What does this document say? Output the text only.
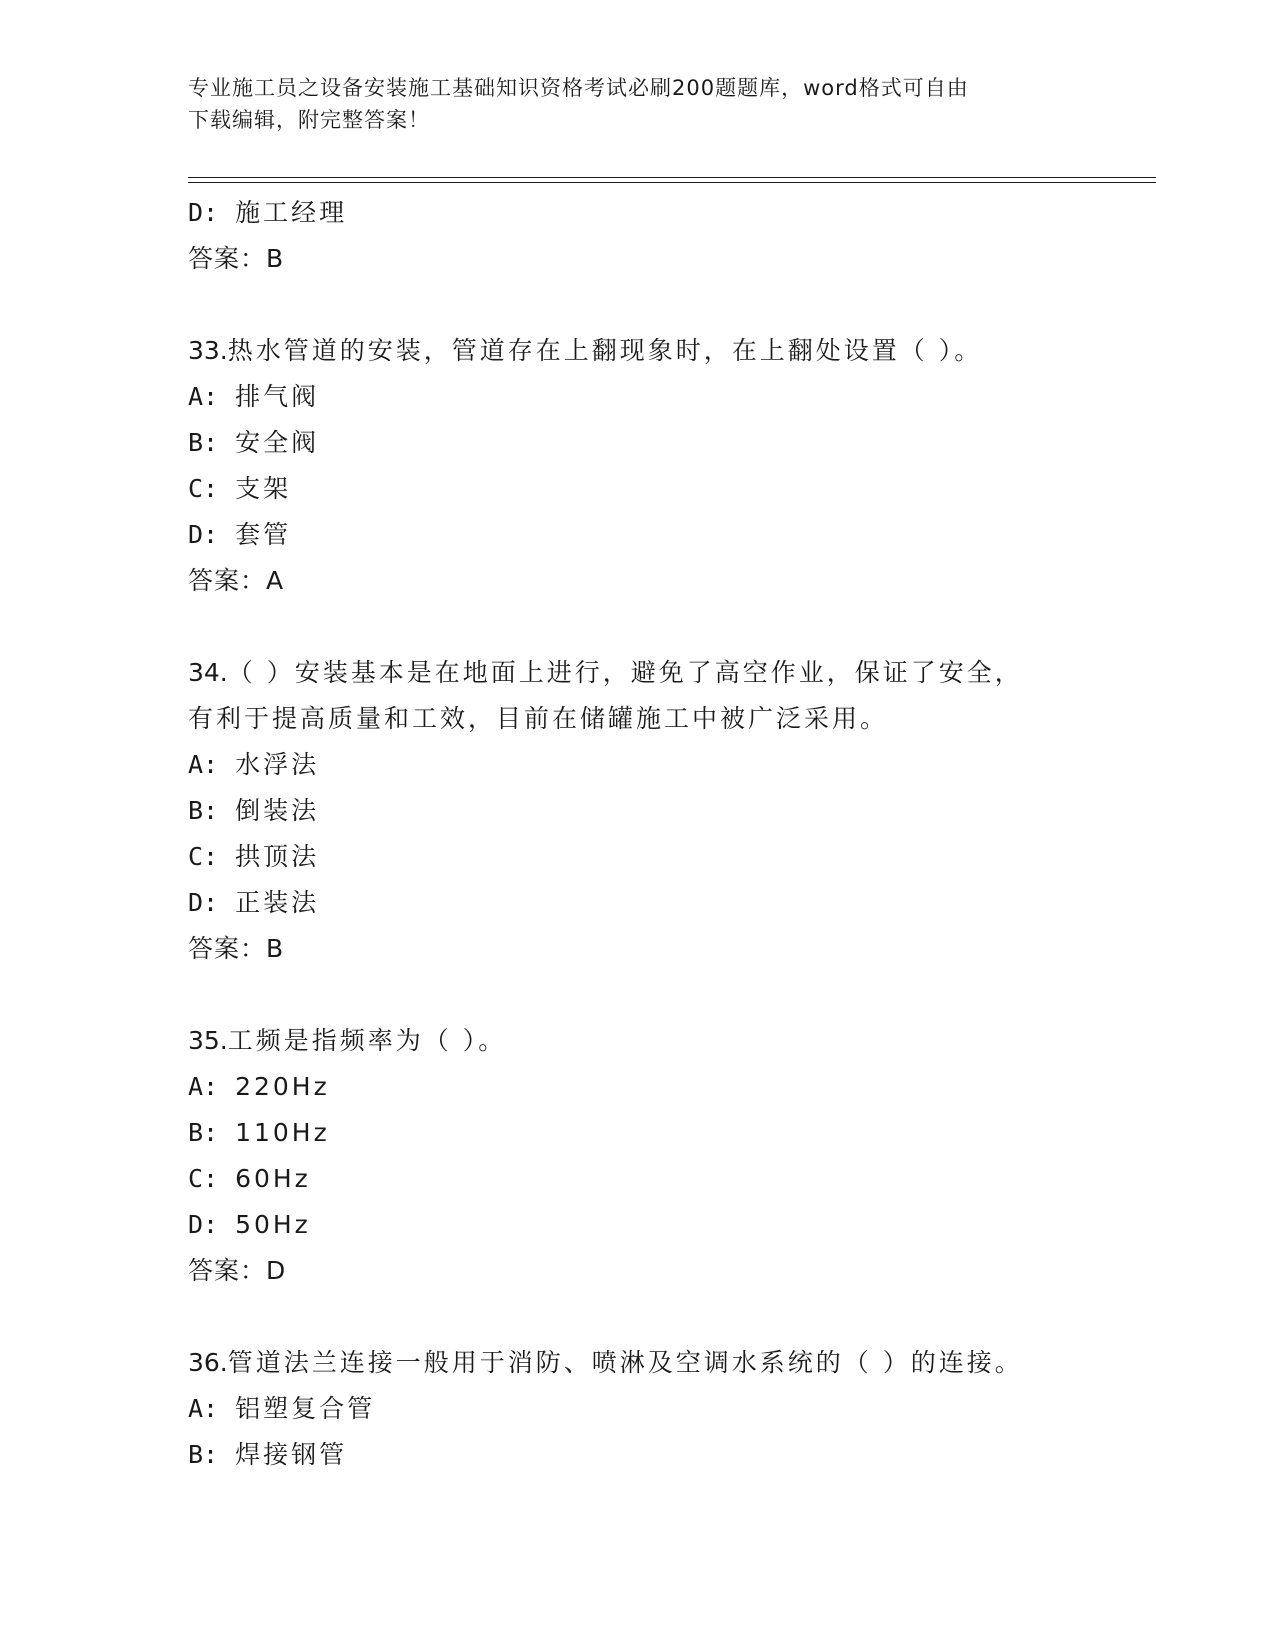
专业施工员之设备安装施工基础知识资格考试必刷200题题库，word格式可自由
下载编辑，附完整答案！
D: 施工经理
答案：B
33.热水管道的安装，管道存在上翻现象时，在上翻处设置（ ）。
A: 排气阀
B: 安全阀
C: 支架
D: 套管
答案：A
34.（ ）安装基本是在地面上进行，避免了高空作业，保证了安全，
有利于提高质量和工效，目前在储罐施工中被广泛采用。
A: 水浮法
B: 倒装法
C: 拱顶法
D: 正装法
答案：B
35.工频是指频率为（ ）。
A: 220Hz
B: 110Hz
C: 60Hz
D: 50Hz
答案：D
36.管道法兰连接一般用于消防、喷淋及空调水系统的（ ）的连接。
A: 铝塑复合管
B: 焊接钢管
